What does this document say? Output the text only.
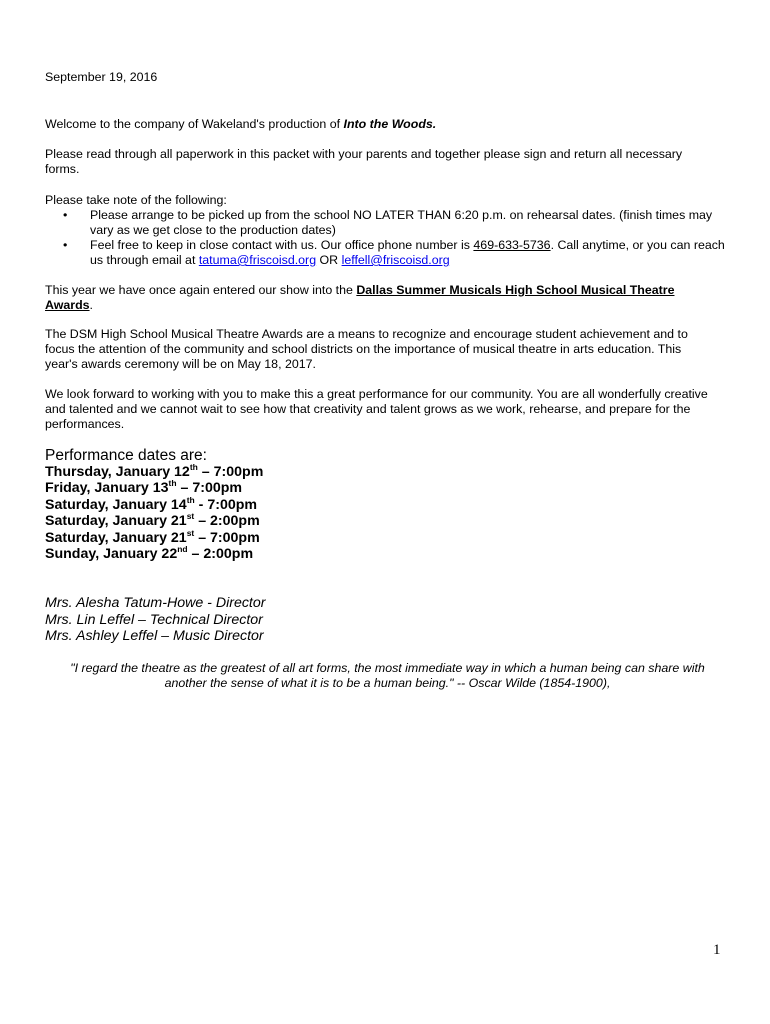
September 19, 2016
Welcome to the company of Wakeland's production of Into the Woods.
Please read through all paperwork in this packet with your parents and together please sign and return all necessary forms.
Please take note of the following:
• Please arrange to be picked up from the school NO LATER THAN 6:20 p.m. on rehearsal dates. (finish times may vary as we get close to the production dates)
• Feel free to keep in close contact with us. Our office phone number is 469-633-5736. Call anytime, or you can reach us through email at tatuma@friscoisd.org OR leffell@friscoisd.org
This year we have once again entered our show into the Dallas Summer Musicals High School Musical Theatre Awards.
The DSM High School Musical Theatre Awards are a means to recognize and encourage student achievement and to focus the attention of the community and school districts on the importance of musical theatre in arts education. This year's awards ceremony will be on May 18, 2017.
We look forward to working with you to make this a great performance for our community. You are all wonderfully creative and talented and we cannot wait to see how that creativity and talent grows as we work, rehearse, and prepare for the performances.
Performance dates are:
Thursday, January 12th – 7:00pm
Friday, January 13th – 7:00pm
Saturday, January 14th - 7:00pm
Saturday, January 21st – 2:00pm
Saturday, January 21st – 7:00pm
Sunday, January 22nd – 2:00pm
Mrs. Alesha Tatum-Howe - Director
Mrs. Lin Leffel – Technical Director
Mrs. Ashley Leffel – Music Director
"I regard the theatre as the greatest of all art forms, the most immediate way in which a human being can share with
another the sense of what it is to be a human being." -- Oscar Wilde (1854-1900),
1
